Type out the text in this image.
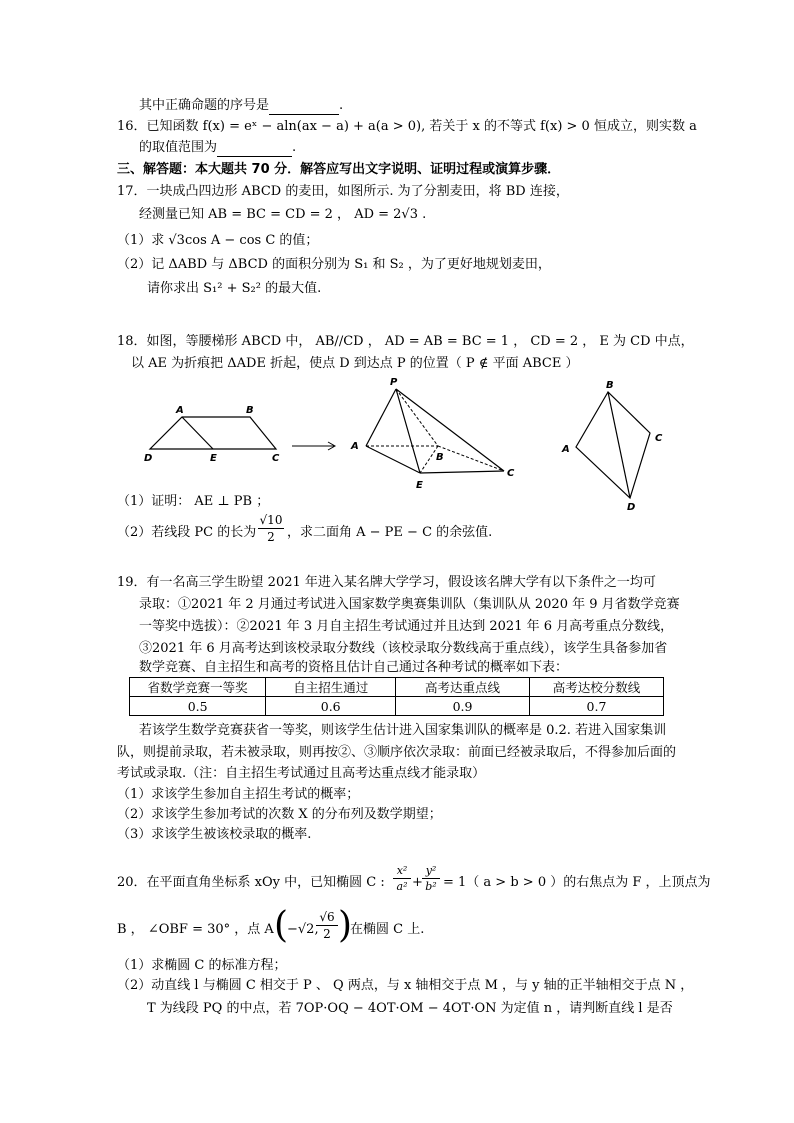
其中正确命题的序号是	.
16．已知函数 f(x) = eˣ − aln(ax − a) + a(a > 0), 若关于 x 的不等式 f(x) > 0 恒成立，则实数 a
的取值范围为	.
三、解答题：本大题共 70 分．解答应写出文字说明、证明过程或演算步骤．
17．一块成凸四边形 ABCD 的麦田，如图所示. 为了分割麦田，将 BD 连接，
经测量已知 AB = BC = CD = 2 ， AD = 2√3 .
（1）求 √3cos A − cos C 的值；
（2）记 ΔABD 与 ΔBCD 的面积分别为 S₁ 和 S₂ ，为了更好地规划麦田，
请你求出 S₁² + S₂² 的最大值.
18．如图，等腰梯形 ABCD 中， AB//CD ， AD = AB = BC = 1 ， CD = 2 ， E 为 CD 中点，
以 AE 为折痕把 ΔADE 折起，使点 D 到达点 P 的位置（ P ∉ 平面 ABCE ）
A	B
D	E	C
P
A
B
E
C
B
A
C
D
（1）证明： AE ⊥ PB ；
（2）若线段 PC 的长为 $\frac{√10}{2}$ ，求二面角 A − PE − C 的余弦值.
19．有一名高三学生盼望 2021 年进入某名牌大学学习，假设该名牌大学有以下条件之一均可
录取：①2021 年 2 月通过考试进入国家数学奥赛集训队（集训队从 2020 年 9 月省数学竞赛
一等奖中选拔）：②2021 年 3 月自主招生考试通过并且达到 2021 年 6 月高考重点分数线，
③2021 年 6 月高考达到该校录取分数线（该校录取分数线高于重点线），该学生具备参加省
数学竞赛、自主招生和高考的资格且估计自己通过各种考试的概率如下表：
省数学竞赛一等奖	自主招生通过	高考达重点线	高考达校分数线
0.5	0.6	0.9	0.7
若该学生数学竞赛获省一等奖，则该学生估计进入国家集训队的概率是 0.2. 若进入国家集训
队，则提前录取，若未被录取，则再按②、③顺序依次录取：前面已经被录取后，不得参加后面的
考试或录取.（注：自主招生考试通过且高考达重点线才能录取）
（1）求该学生参加自主招生考试的概率；
（2）求该学生参加考试的次数 X 的分布列及数学期望；
（3）求该学生被该校录取的概率.
20．在平面直角坐标系 xOy 中，已知椭圆 C : $\frac{\text{x²}}{\text{a²}} + \frac{\text{y²}}{\text{b²}} = 1$（ a > b > 0 ）的右焦点为 F ，上顶点为
B ， ∠OBF = 30° ，点 A (
−√2,
$\frac{√6}{2}$ )
在椭圆 C 上.
（1）求椭圆 C 的标准方程；
（2）动直线 l 与椭圆 C 相交于 P 、 Q 两点，与 x 轴相交于点 M ，与 y 轴的正半轴相交于点 N ，
T 为线段 PQ 的中点，若 7OP·OQ − 4OT·OM − 4OT·ON 为定值 n ，请判断直线 l 是否
